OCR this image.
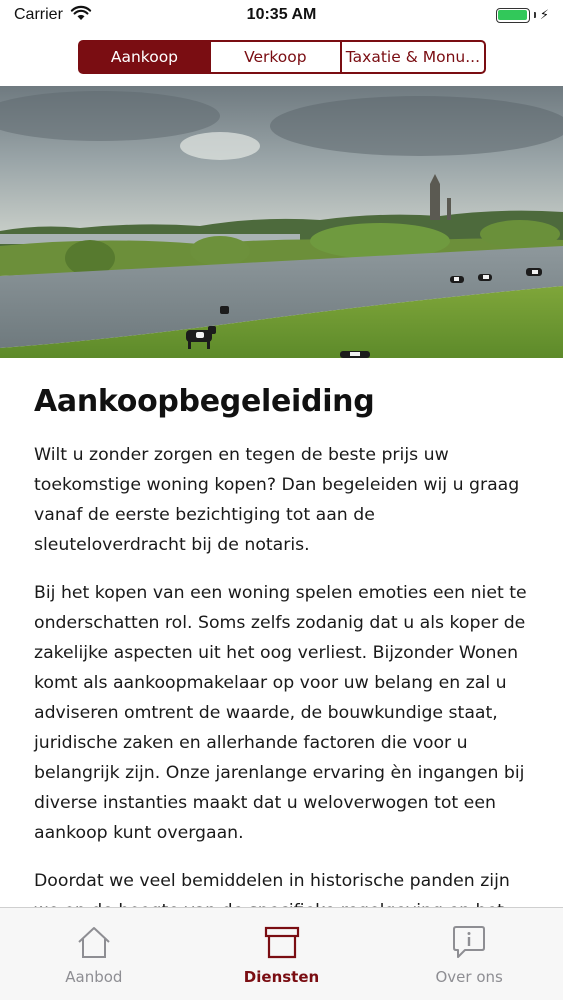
Carrier	10:35 AM	⚡
Aankoop	Verkoop	Taxatie & Monu...
Aankoopbegeleiding

Wilt u zonder zorgen en tegen de beste prijs uw toekomstige woning kopen? Dan begeleiden wij u graag vanaf de eerste bezichtiging tot aan de sleuteloverdracht bij de notaris.

Bij het kopen van een woning spelen emoties een niet te onderschatten rol. Soms zelfs zodanig dat u als koper de zakelijke aspecten uit het oog verliest. Bijzonder Wonen komt als aankoopmakelaar op voor uw belang en zal u adviseren omtrent de waarde, de bouwkundige staat, juridische zaken en allerhande factoren die voor u belangrijk zijn. Onze jarenlange ervaring èn ingangen bij diverse instanties maakt dat u weloverwogen tot een aankoop kunt overgaan.

Doordat we veel bemiddelen in historische panden zijn

Aanbod	Diensten	Over ons
